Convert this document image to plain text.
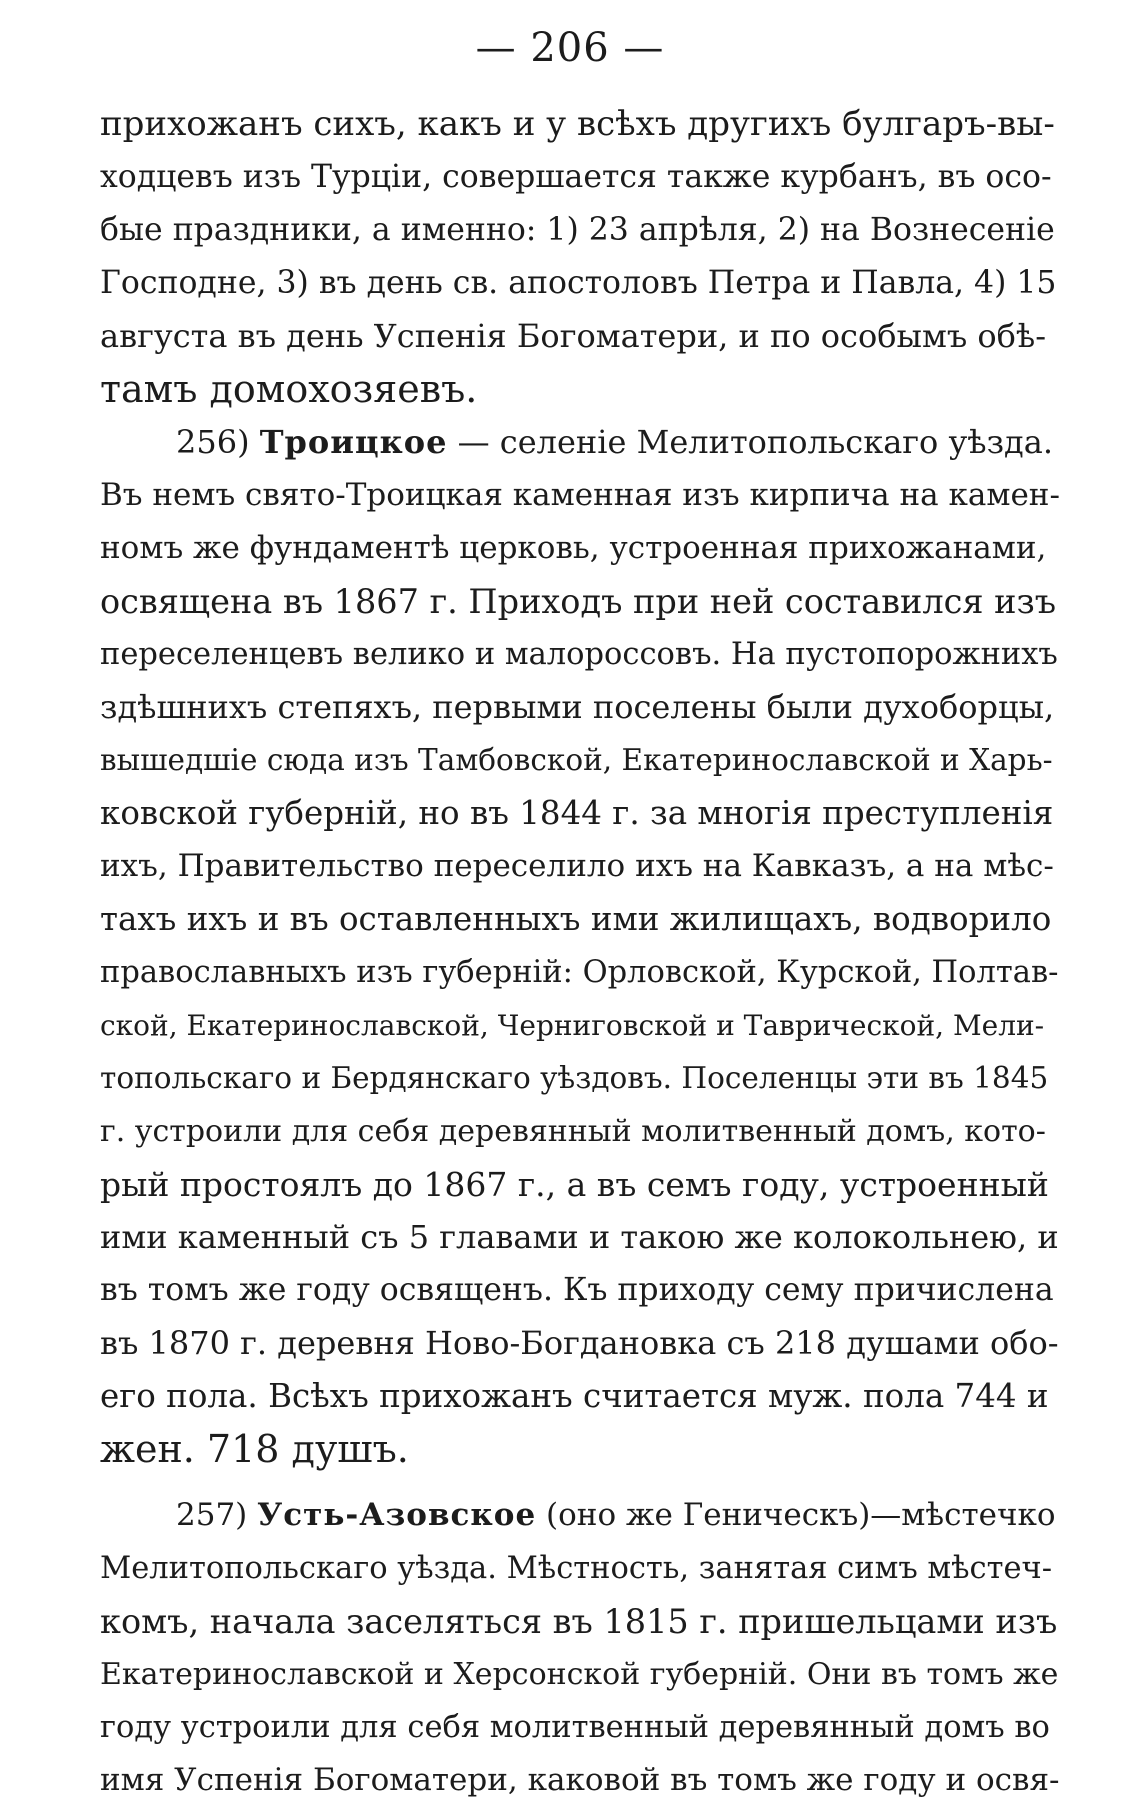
— 206 —
прихожанъ сихъ, какъ и у всѣхъ другихъ булгаръ-вы-
ходцевъ изъ Турціи, совершается также курбанъ, въ осо-
бые праздники, а именно: 1) 23 апрѣля, 2) на Вознесеніе
Господне, 3) въ день св. апостоловъ Петра и Павла, 4) 15
августа въ день Успенія Богоматери, и по особымъ обѣ-
тамъ домохозяевъ.
256) Троицкое — селеніе Мелитопольскаго уѣзда.
Въ немъ свято-Троицкая каменная изъ кирпича на камен-
номъ же фундаментѣ церковь, устроенная прихожанами,
освящена въ 1867 г. Приходъ при ней составился изъ
переселенцевъ велико и малороссовъ. На пустопорожнихъ
здѣшнихъ степяхъ, первыми поселены были духоборцы,
вышедшіе сюда изъ Тамбовской, Екатеринославской и Харь-
ковской губерній, но въ 1844 г. за многія преступленія
ихъ, Правительство переселило ихъ на Кавказъ, а на мѣс-
тахъ ихъ и въ оставленныхъ ими жилищахъ, водворило
православныхъ изъ губерній: Орловской, Курской, Полтав-
ской, Екатеринославской, Черниговской и Таврической, Мели-
топольскаго и Бердянскаго уѣздовъ. Поселенцы эти въ 1845
г. устроили для себя деревянный молитвенный домъ, кото-
рый простоялъ до 1867 г., а въ семъ году, устроенный
ими каменный съ 5 главами и такою же колокольнею, и
въ томъ же году освященъ. Къ приходу сему причислена
въ 1870 г. деревня Ново-Богдановка съ 218 душами обо-
его пола. Всѣхъ прихожанъ считается муж. пола 744 и
жен. 718 душъ.
257) Усть-Азовское (оно же Геническъ)—мѣстечко
Мелитопольскаго уѣзда. Мѣстность, занятая симъ мѣстеч-
комъ, начала заселяться въ 1815 г. пришельцами изъ
Екатеринославской и Херсонской губерній. Они въ томъ же
году устроили для себя молитвенный деревянный домъ во
имя Успенія Богоматери, каковой въ томъ же году и освя-
